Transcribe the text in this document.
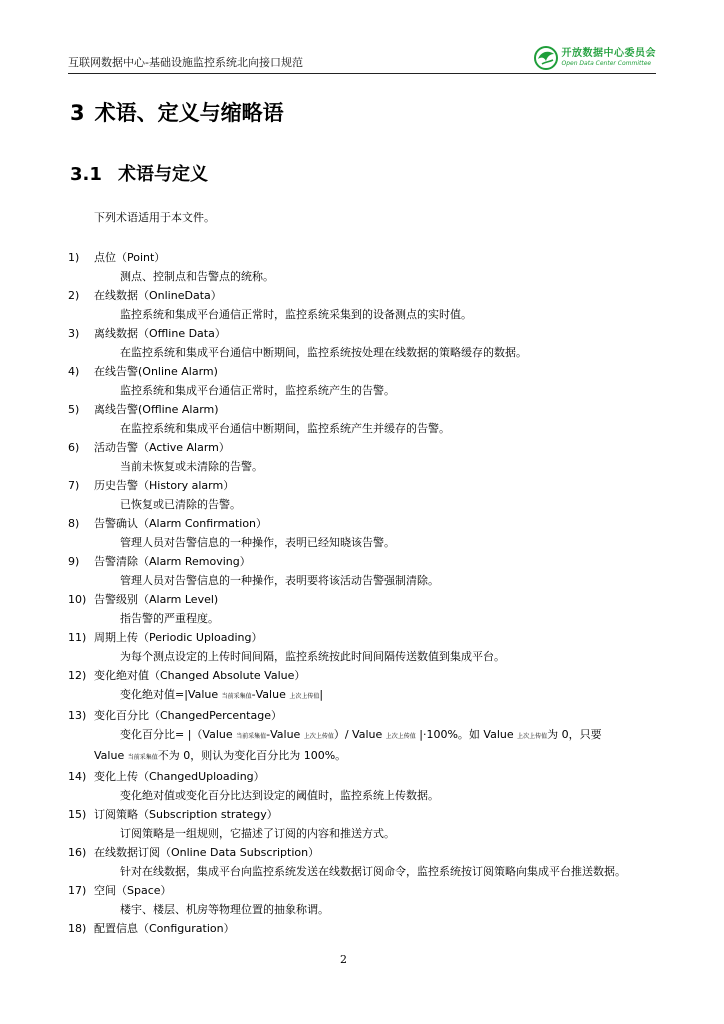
互联网数据中心-基础设施监控系统北向接口规范
开放数据中心委员会
Open Data Center Committee
3 术语、定义与缩略语
3.1 术语与定义
下列术语适用于本文件。
1) 点位（Point）
测点、控制点和告警点的统称。
2) 在线数据（OnlineData）
监控系统和集成平台通信正常时，监控系统采集到的设备测点的实时值。
3) 离线数据（Offline Data）
在监控系统和集成平台通信中断期间，监控系统按处理在线数据的策略缓存的数据。
4) 在线告警(Online Alarm)
监控系统和集成平台通信正常时，监控系统产生的告警。
5) 离线告警(Offline Alarm)
在监控系统和集成平台通信中断期间，监控系统产生并缓存的告警。
6) 活动告警（Active Alarm）
当前未恢复或未清除的告警。
7) 历史告警（History alarm）
已恢复或已清除的告警。
8) 告警确认（Alarm Confirmation）
管理人员对告警信息的一种操作，表明已经知晓该告警。
9) 告警清除（Alarm Removing）
管理人员对告警信息的一种操作，表明要将该活动告警强制清除。
10) 告警级别（Alarm Level)
指告警的严重程度。
11) 周期上传（Periodic Uploading）
为每个测点设定的上传时间间隔，监控系统按此时间间隔传送数值到集成平台。
12) 变化绝对值（Changed Absolute Value）
变化绝对值=|Value 当前采集值-Value 上次上传值|
13) 变化百分比（ChangedPercentage）
变化百分比= |（Value 当前采集值-Value 上次上传值）/ Value 上次上传值 |·100%。如 Value 上次上传值为 0，只要
Value 当前采集值不为 0，则认为变化百分比为 100%。
14) 变化上传（ChangedUploading）
变化绝对值或变化百分比达到设定的阈值时，监控系统上传数据。
15) 订阅策略（Subscription strategy）
订阅策略是一组规则，它描述了订阅的内容和推送方式。
16) 在线数据订阅（Online Data Subscription）
针对在线数据，集成平台向监控系统发送在线数据订阅命令，监控系统按订阅策略向集成平台推送数据。
17) 空间（Space）
楼宇、楼层、机房等物理位置的抽象称谓。
18) 配置信息（Configuration）
2
